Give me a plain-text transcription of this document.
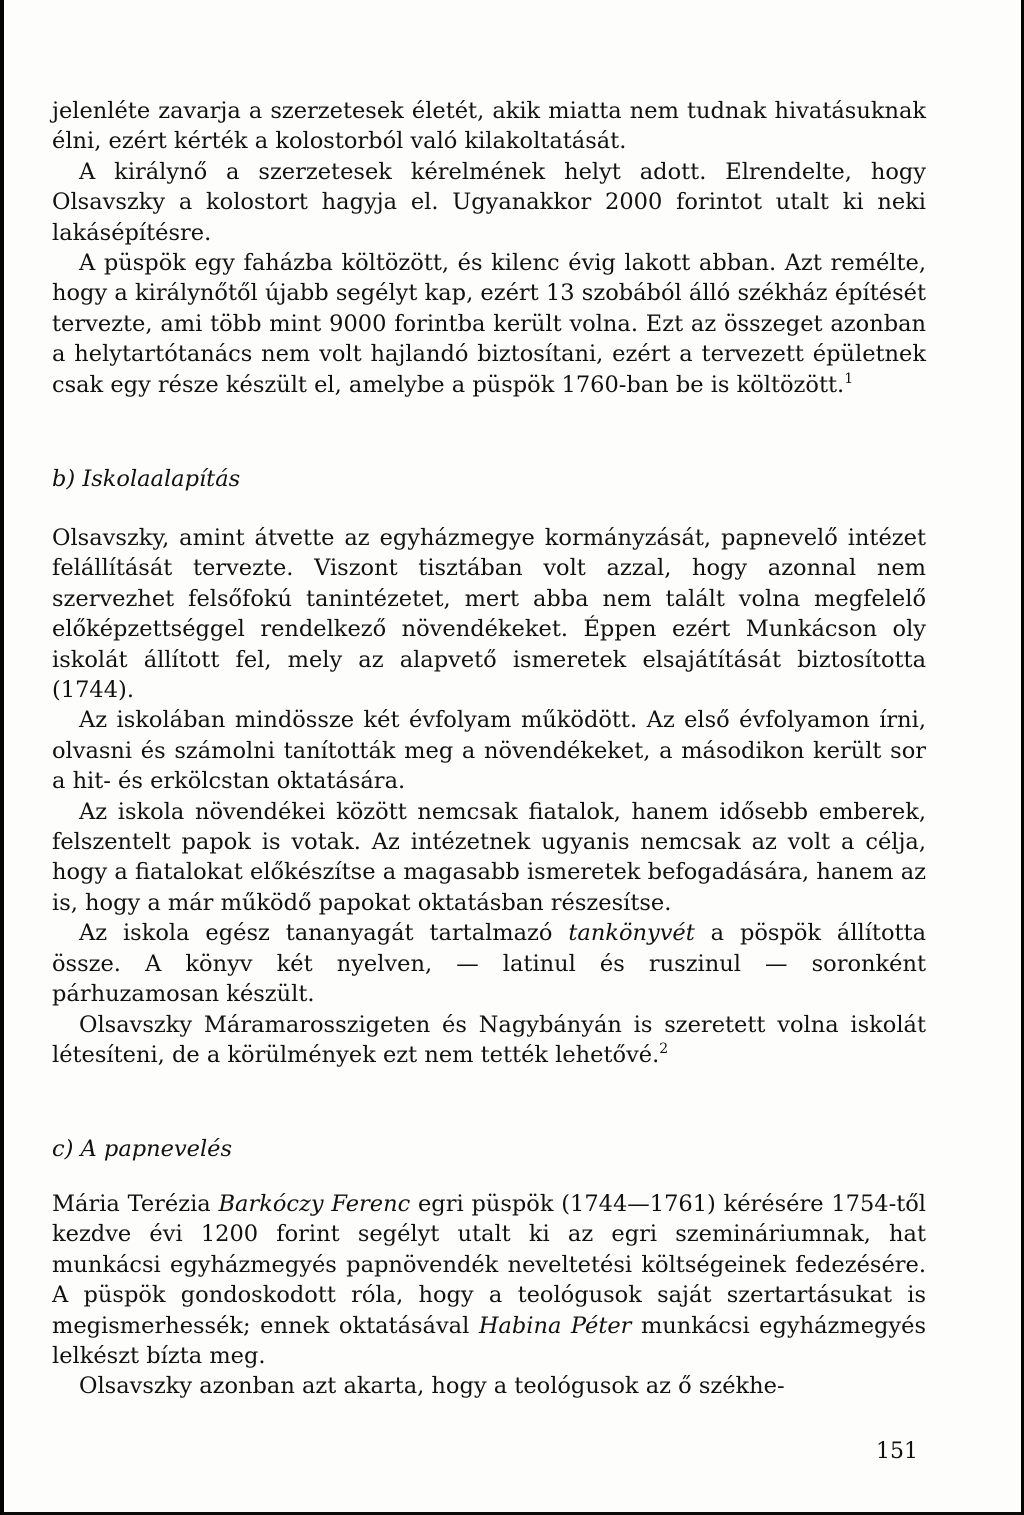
jelenléte zavarja a szerzetesek életét, akik miatta nem tudnak hivatásuknak élni, ezért kérték a kolostorból való kilakoltatását.

A királynő a szerzetesek kérelmének helyt adott. Elrendelte, hogy Olsavszky a kolostort hagyja el. Ugyanakkor 2000 forintot utalt ki neki lakásépítésre.

A püspök egy faházba költözött, és kilenc évig lakott abban. Azt remélte, hogy a királynőtől újabb segélyt kap, ezért 13 szobából álló székház építését tervezte, ami több mint 9000 forintba került volna. Ezt az összeget azonban a helytartótanács nem volt hajlandó biztosítani, ezért a tervezett épületnek csak egy része készült el, amelybe a püspök 1760-ban be is költözött.$^1$

b) Iskolaalapítás

Olsavszky, amint átvette az egyházmegye kormányzását, papnevelő intézet felállítását tervezte. Viszont tisztában volt azzal, hogy azonnal nem szervezhet felsőfokú tanintézetet, mert abba nem talált volna megfelelő előképzettséggel rendelkező növendékeket. Éppen ezért Munkácson oly iskolát állított fel, mely az alapvető ismeretek elsajátítását biztosította (1744).

Az iskolában mindössze két évfolyam működött. Az első évfolyamon írni, olvasni és számolni tanították meg a növendékeket, a másodikon került sor a hit- és erkölcstan oktatására.

Az iskola növendékei között nemcsak fiatalok, hanem idősebb emberek, felszentelt papok is votak. Az intézetnek ugyanis nemcsak az volt a célja, hogy a fiatalokat előkészítse a magasabb ismeretek befogadására, hanem az is, hogy a már működő papokat oktatásban részesítse.

Az iskola egész tananyagát tartalmazó tankönyvét a pöspök állította össze. A könyv két nyelven, — latinul és ruszinul — soronként párhuzamosan készült.

Olsavszky Máramarosszigeten és Nagybányán is szeretett volna iskolát létesíteni, de a körülmények ezt nem tették lehetővé.$^2$

c) A papnevelés

Mária Terézia Barkóczy Ferenc egri püspök (1744—1761) kérésére 1754-től kezdve évi 1200 forint segélyt utalt ki az egri szemináriumnak, hat munkácsi egyházmegyés papnövendék neveltetési költségeinek fedezésére. A püspök gondoskodott róla, hogy a teológusok saját szertartásukat is megismerhessék; ennek oktatásával Habina Péter munkácsi egyházmegyés lelkészt bízta meg.

Olsavszky azonban azt akarta, hogy a teológusok az ő székhe-

151
